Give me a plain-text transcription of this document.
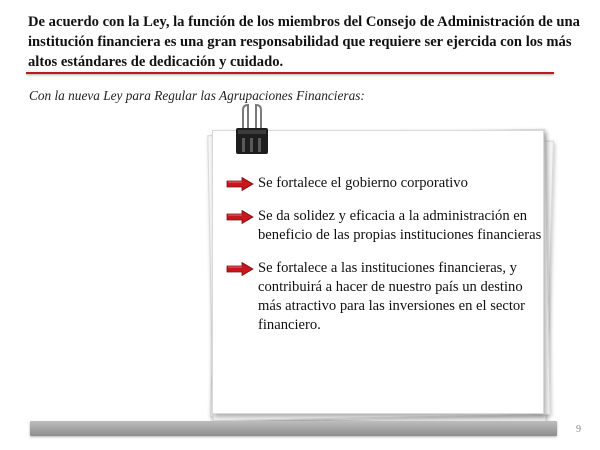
De acuerdo con la Ley, la función de los miembros del Consejo de Administración de una institución financiera es una gran responsabilidad que requiere ser ejercida con los más altos estándares de dedicación y cuidado.

Con la nueva Ley para Regular las Agrupaciones Financieras:

Se fortalece el gobierno corporativo
Se da solidez y eficacia a la administración en beneficio de las propias instituciones financieras
Se fortalece a las instituciones financieras, y contribuirá a hacer de nuestro país un destino más atractivo para las inversiones en el sector financiero.
9
